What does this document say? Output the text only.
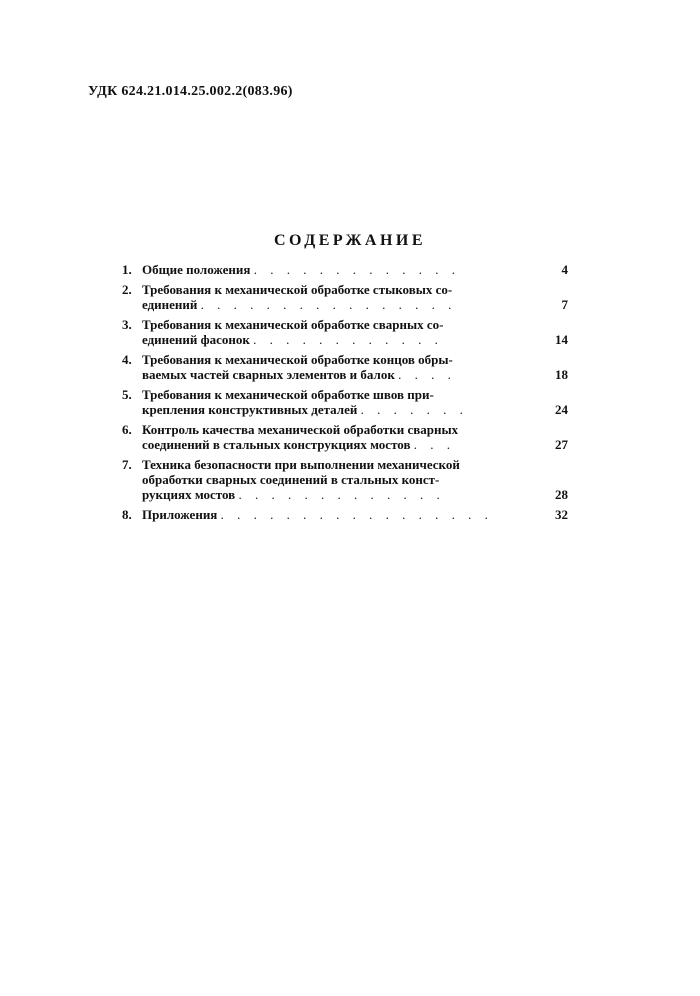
УДК 624.21.014.25.002.2(083.96)
СОДЕРЖАНИЕ
1. Общие положения . . . . . . . . . . . . .	4
2. Требования к механической обработке стыковых со-
единений . . . . . . . . . . . . . . . .	7
3. Требования к механической обработке сварных со-
единений фасонок . . . . . . . . . . . .	14
4. Требования к механической обработке концов обры-
ваемых частей сварных элементов и балок . . . .	18
5. Требования к механической обработке швов при-
крепления конструктивных деталей . . . . . . .	24
6. Контроль качества механической обработки сварных
соединений в стальных конструкциях мостов . . .	27
7. Техника безопасности при выполнении механической
обработки сварных соединений в стальных конст-
рукциях мостов . . . . . . . . . . . . .	28
8. Приложения . . . . . . . . . . . . . . . . .	32
